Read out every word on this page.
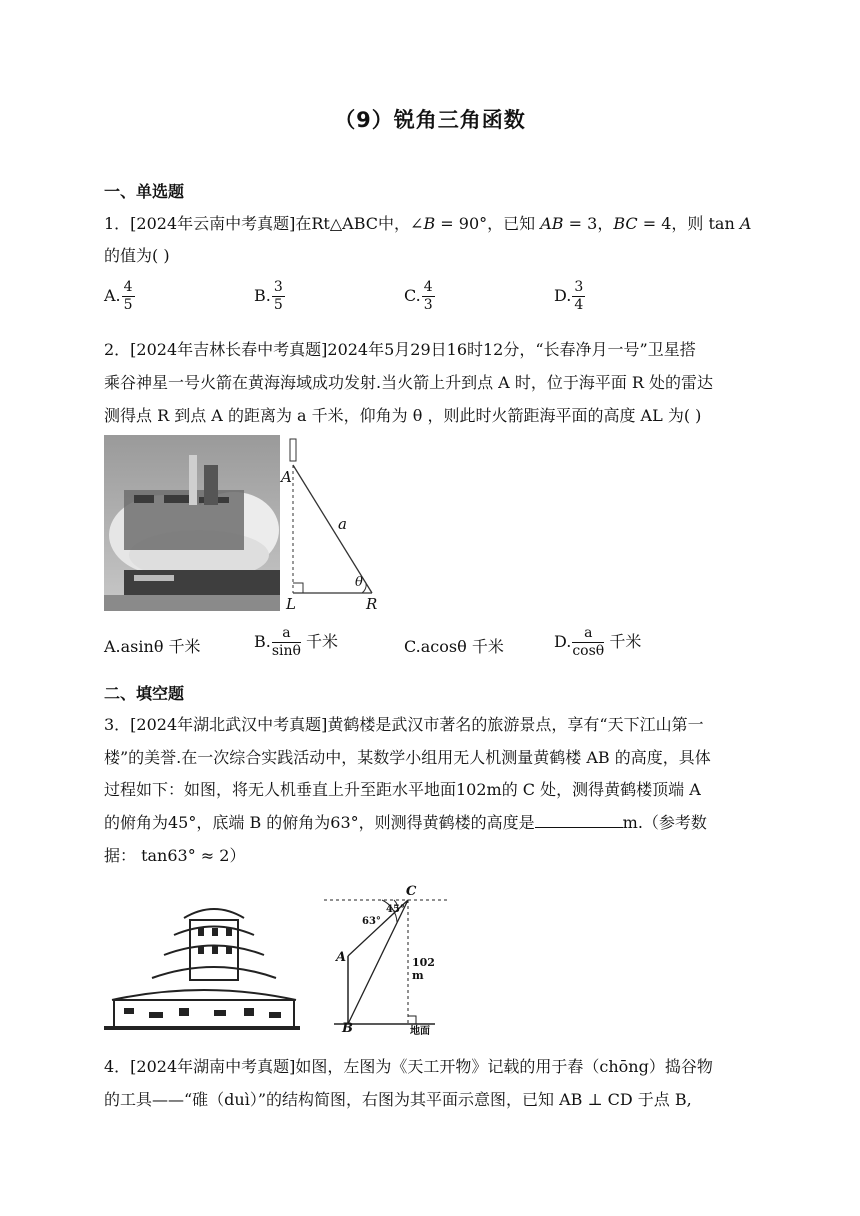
（9）锐角三角函数
一、单选题
1．[2024年云南中考真题]在Rt△ABC中，∠B = 90°，已知 AB = 3，BC = 4，则 tan A
的值为( )
A. $\frac{4}{5}$	B. $\frac{3}{5}$	C. $\frac{4}{3}$	D. $\frac{3}{4}$
2．[2024年吉林长春中考真题]2024年5月29日16时12分，“长春净月一号”卫星搭
乘谷神星一号火箭在黄海海域成功发射.当火箭上升到点 A 时，位于海平面 R 处的雷达
测得点 R 到点 A 的距离为 a 千米，仰角为 θ ，则此时火箭距海平面的高度 AL 为( )
A
a
θ
L	R
A.asinθ 千米	B. $\frac{a}{\sin\theta}$ 千米	C.acosθ 千米	D. $\frac{a}{\cos\theta}$ 千米
二、填空题
3．[2024年湖北武汉中考真题]黄鹤楼是武汉市著名的旅游景点，享有“天下江山第一
楼”的美誉.在一次综合实践活动中，某数学小组用无人机测量黄鹤楼 AB 的高度，具体
过程如下：如图，将无人机垂直上升至距水平地面102m的 C 处，测得黄鹤楼顶端 A
的俯角为45°，底端 B 的俯角为63°，则测得黄鹤楼的高度是	m.（参考数
据： tan63° ≈ 2）
C
45°
63°
A	102 m
B	地面
4．[2024年湖南中考真题]如图，左图为《天工开物》记载的用于舂（chōng）捣谷物
的工具——“碓（duì）”的结构简图，右图为其平面示意图，已知 AB ⊥ CD 于点 B,
